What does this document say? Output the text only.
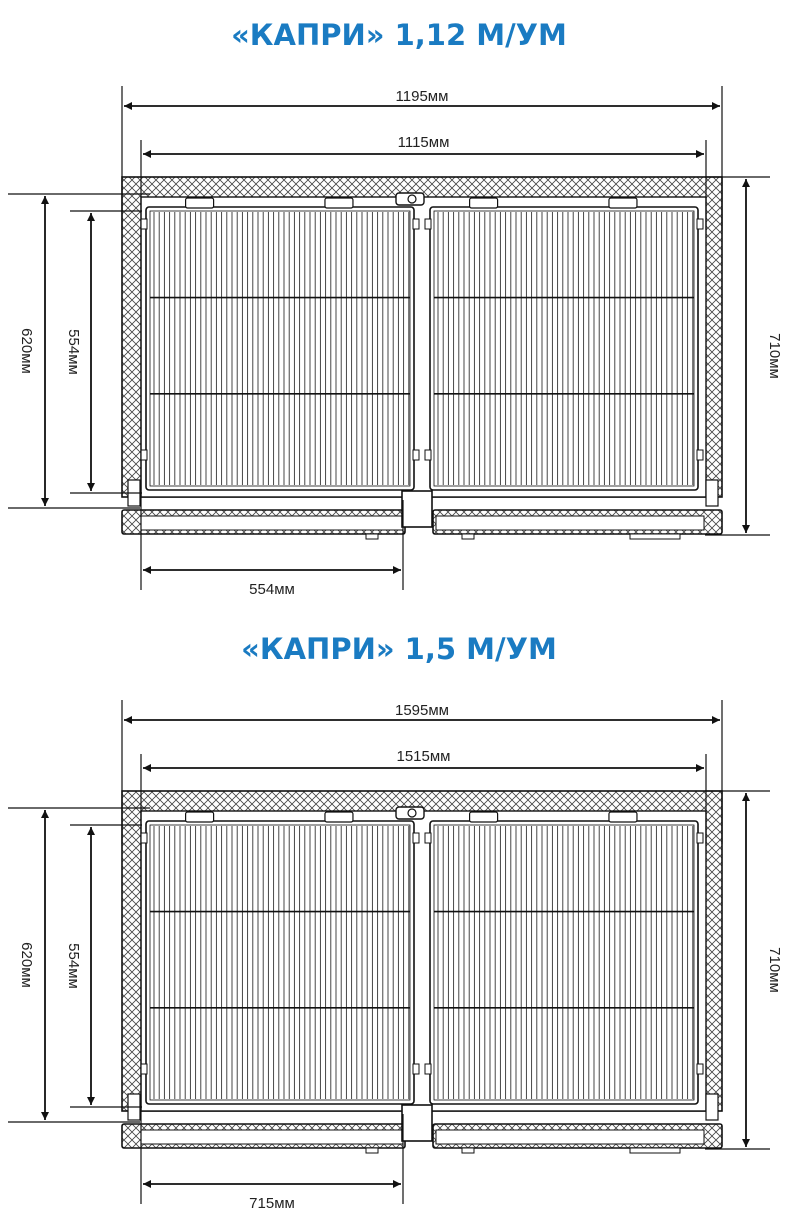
«КАПРИ» 1,12 М/УМ
«КАПРИ» 1,5 М/УМ
1195мм
1115мм
554мм
620мм 554мм	710мм
1595мм
1515мм
715мм
620мм 554мм	710мм
